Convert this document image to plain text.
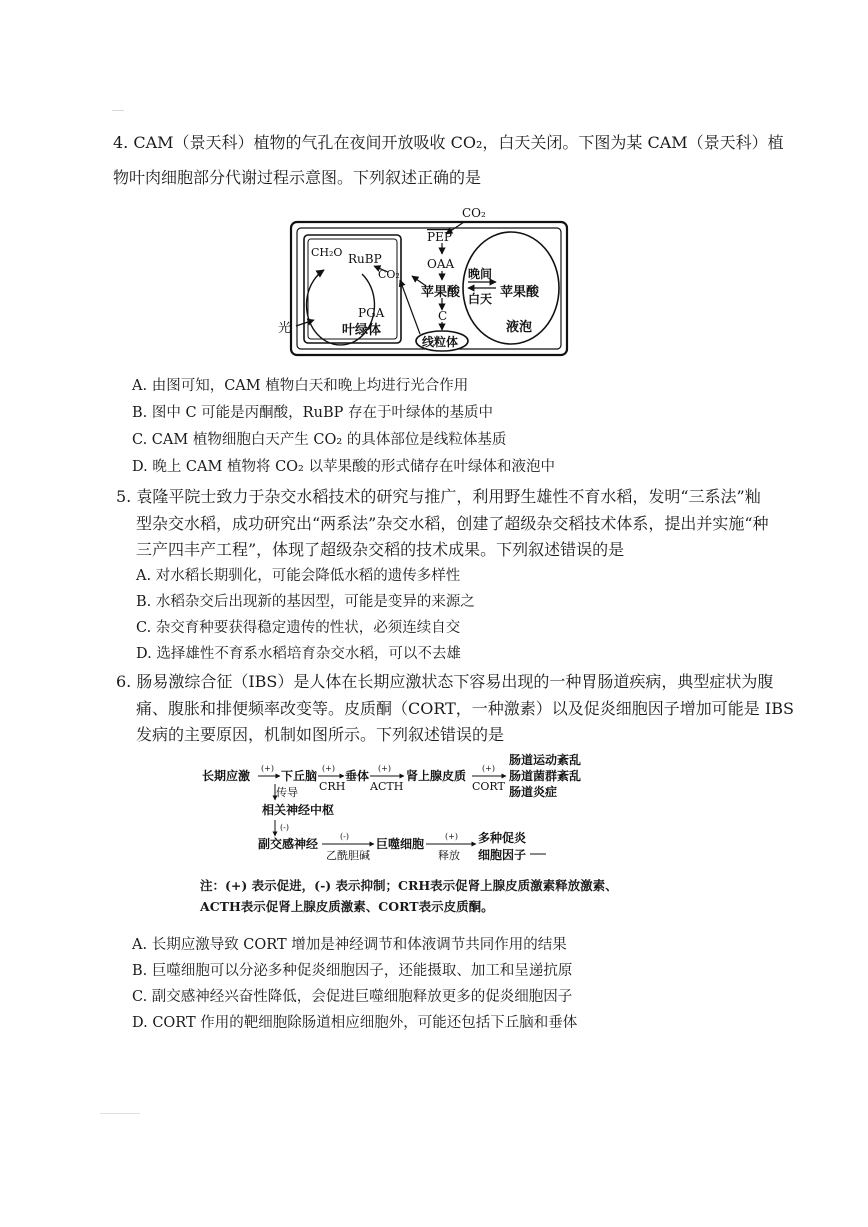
4. CAM（景天科）植物的气孔在夜间开放吸收 CO₂，白天关闭。下图为某 CAM（景天科）植
物叶肉细胞部分代谢过程示意图。下列叙述正确的是
CO₂
PEP
OAA
苹果酸
晚间
白天 苹果酸
液泡
C
线粒体
CO₂
CH₂O RuBP
PGA
叶绿体
光
A. 由图可知，CAM 植物白天和晚上均进行光合作用
B. 图中 C 可能是丙酮酸，RuBP 存在于叶绿体的基质中
C. CAM 植物细胞白天产生 CO₂ 的具体部位是线粒体基质
D. 晚上 CAM 植物将 CO₂ 以苹果酸的形式储存在叶绿体和液泡中
5. 袁隆平院士致力于杂交水稻技术的研究与推广，利用野生雄性不育水稻，发明“三系法”籼
型杂交水稻，成功研究出“两系法”杂交水稻，创建了超级杂交稻技术体系，提出并实施“种
三产四丰产工程”，体现了超级杂交稻的技术成果。下列叙述错误的是
A. 对水稻长期驯化，可能会降低水稻的遗传多样性
B. 水稻杂交后出现新的基因型，可能是变异的来源之
C. 杂交育种要获得稳定遗传的性状，必须连续自交
D. 选择雄性不育系水稻培育杂交水稻，可以不去雄
6. 肠易激综合征（IBS）是人体在长期应激状态下容易出现的一种胃肠道疾病，典型症状为腹
痛、腹胀和排便频率改变等。皮质酮（CORT，一种激素）以及促炎细胞因子增加可能是 IBS
发病的主要原因，机制如图所示。下列叙述错误的是
长期应激
(+)
下丘脑
(+)
CRH
垂体
(+)
ACTH
肾上腺皮质
(+)
CORT
肠道运动紊乱
肠道菌群紊乱
肠道炎症
传导
相关神经中枢
(-)
副交感神经
(-)
乙酰胆碱
巨噬细胞
(+)
释放
多种促炎
细胞因子
注：(+) 表示促进，(-) 表示抑制；CRH表示促肾上腺皮质激素释放激素、
ACTH表示促肾上腺皮质激素、CORT表示皮质酮。
A. 长期应激导致 CORT 增加是神经调节和体液调节共同作用的结果
B. 巨噬细胞可以分泌多种促炎细胞因子，还能摄取、加工和呈递抗原
C. 副交感神经兴奋性降低，会促进巨噬细胞释放更多的促炎细胞因子
D. CORT 作用的靶细胞除肠道相应细胞外，可能还包括下丘脑和垂体
